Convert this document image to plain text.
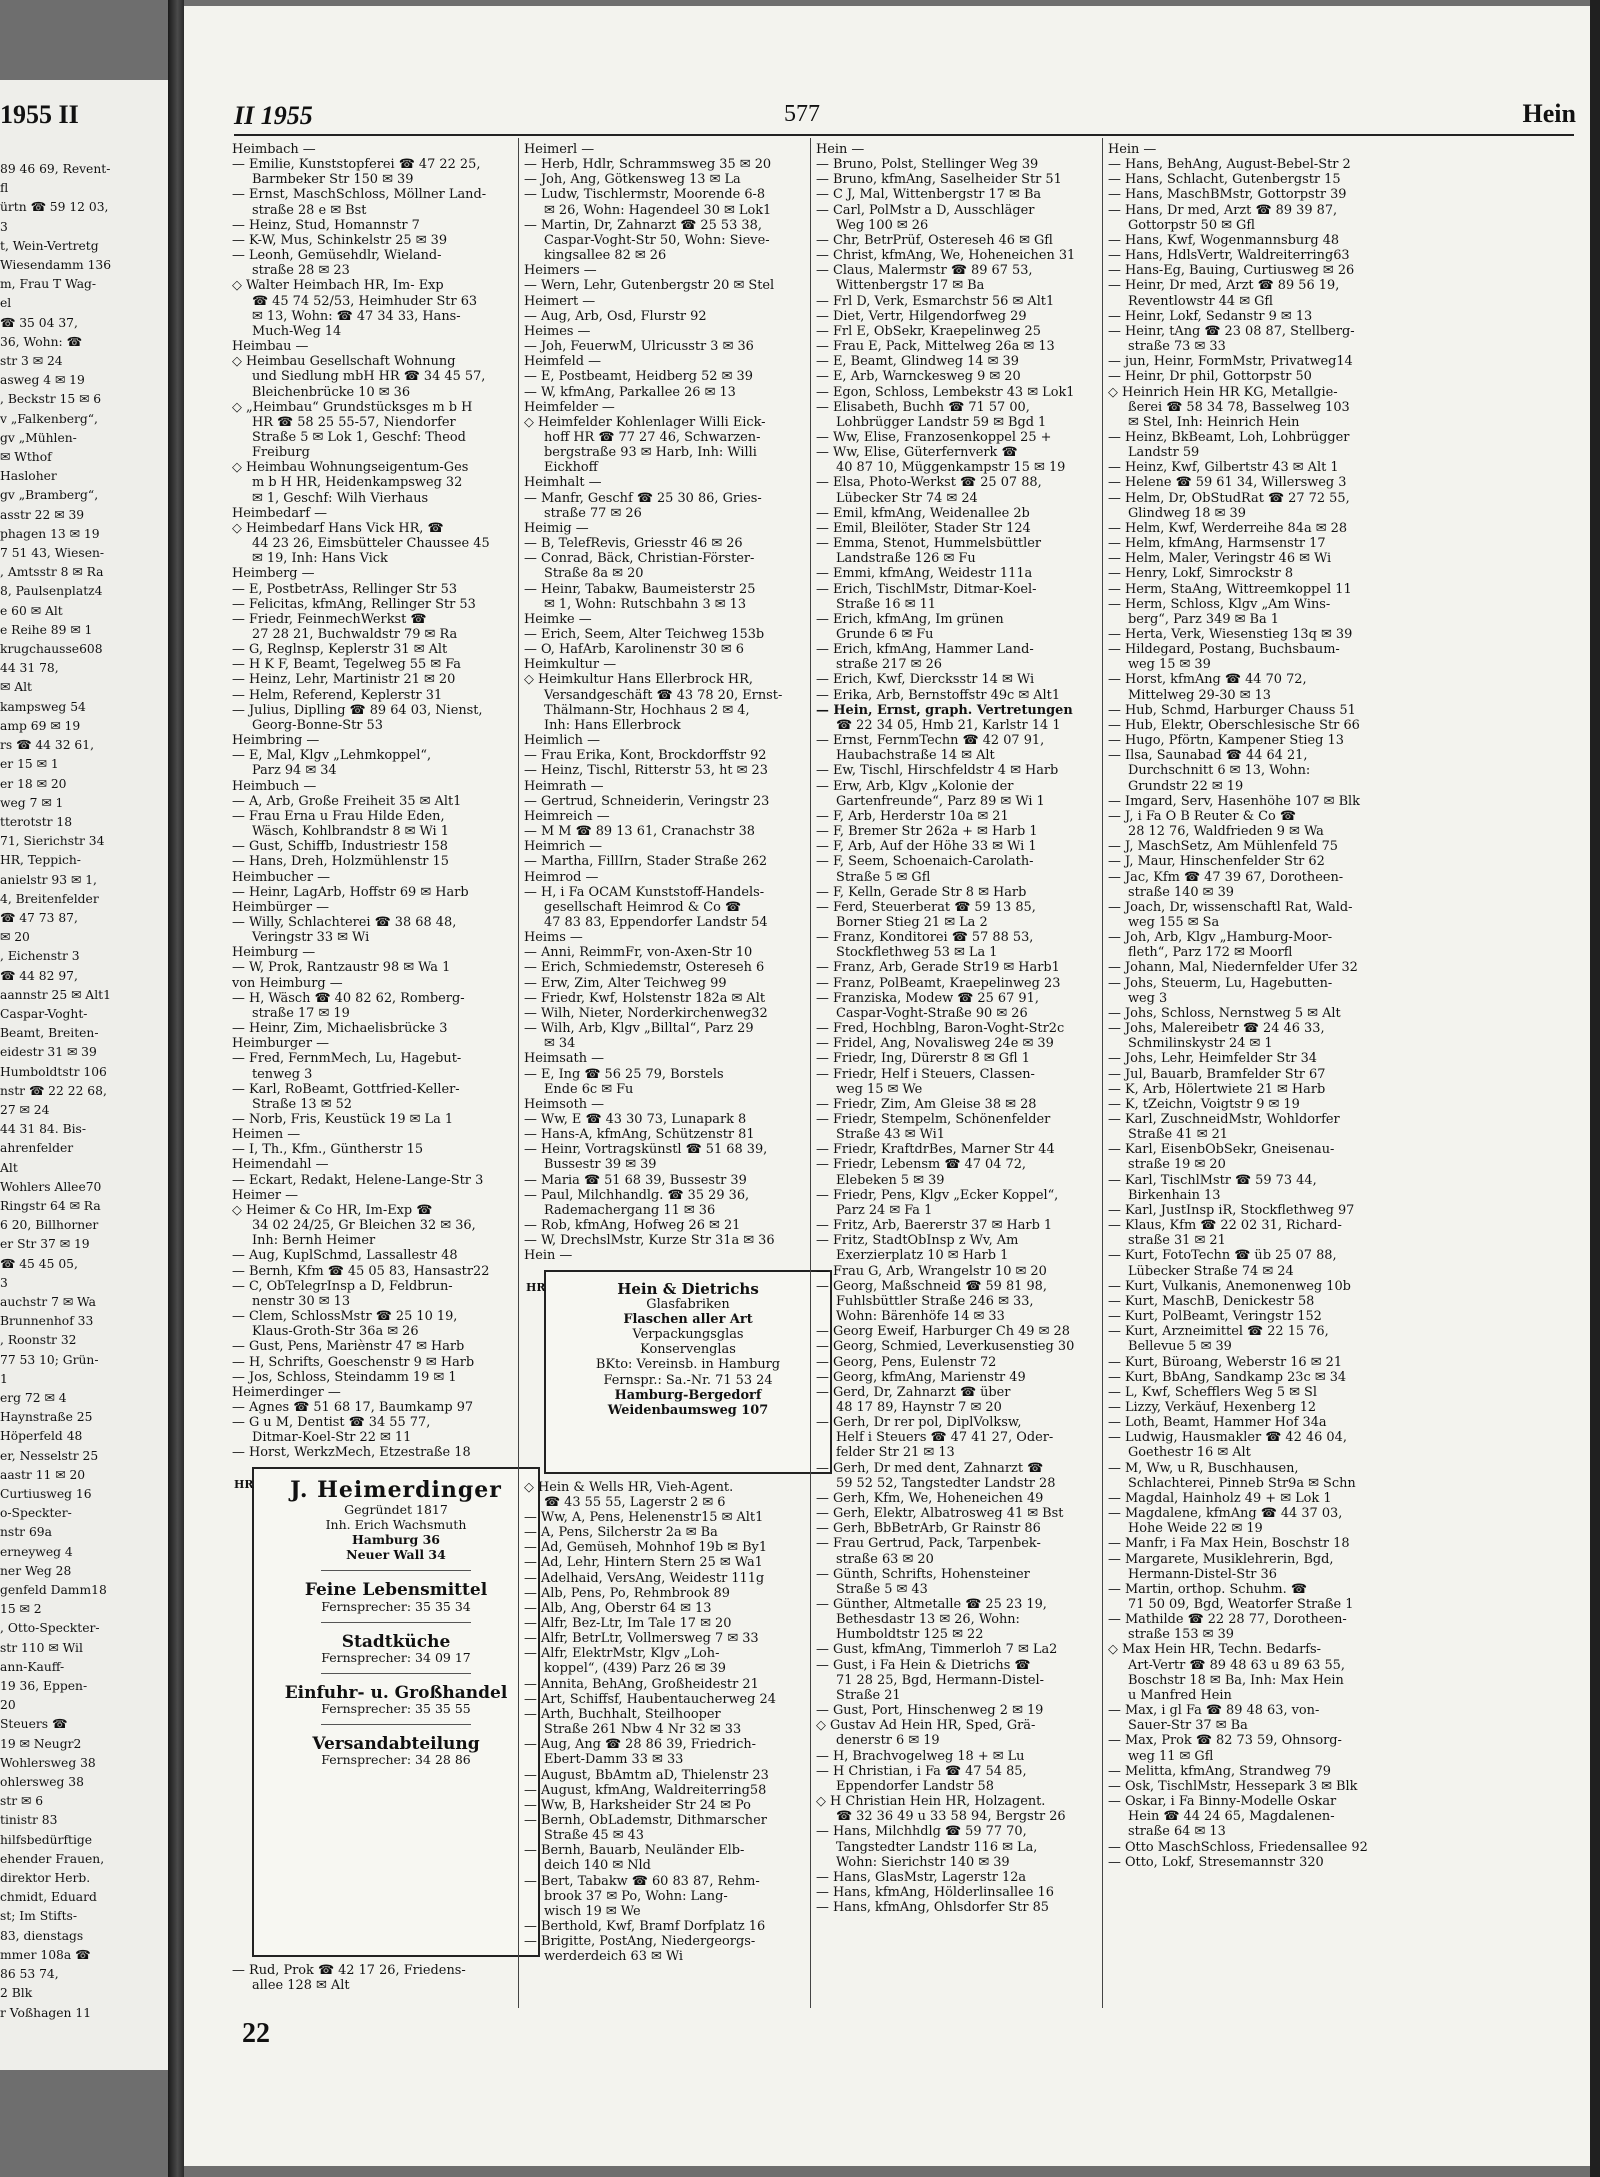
1955 II
89 46 69, Revent-
fl
ürtn ☎ 59 12 03,
3
t, Wein-Vertretg
Wiesendamm 136
m, Frau T Wag-
el
☎ 35 04 37,
36, Wohn: ☎
str 3 ✉ 24
asweg 4 ✉ 19
, Beckstr 15 ✉ 6
v „Falkenberg“,
gv „Mühlen-
✉ Wthof
Hasloher
gv „Bramberg“,
asstr 22 ✉ 39
phagen 13 ✉ 19
7 51 43, Wiesen-
, Amtsstr 8 ✉ Ra
8, Paulsenplatz4
e 60 ✉ Alt
e Reihe 89 ✉ 1
krugchausse608
44 31 78,
✉ Alt
kampsweg 54
amp 69 ✉ 19
rs ☎ 44 32 61,
er 15 ✉ 1
er 18 ✉ 20
weg 7 ✉ 1
tterotstr 18
71, Sierichstr 34
HR, Teppich-
anielstr 93 ✉ 1,
4, Breitenfelder
☎ 47 73 87,
✉ 20
, Eichenstr 3
☎ 44 82 97,
aannstr 25 ✉ Alt1
Caspar-Voght-
Beamt, Breiten-
eidestr 31 ✉ 39
Humboldtstr 106
nstr ☎ 22 22 68,
27 ✉ 24
44 31 84. Bis-
ahrenfelder
Alt
Wohlers Allee70
Ringstr 64 ✉ Ra
6 20, Billhorner
er Str 37 ✉ 19
☎ 45 45 05,
3
auchstr 7 ✉ Wa
Brunnenhof 33
, Roonstr 32
77 53 10; Grün-
1
erg 72 ✉ 4
Haynstraße 25
Höperfeld 48
er, Nesselstr 25
aastr 11 ✉ 20
Curtiusweg 16
o-Speckter-
nstr 69a
erneyweg 4
ner Weg 28
genfeld Damm18
15 ✉ 2
, Otto-Speckter-
str 110 ✉ Wil
ann-Kauff-
19 36, Eppen-
20
Steuers ☎
19 ✉ Neugr2
Wohlersweg 38
ohlersweg 38
str ✉ 6
tinistr 83
hilfsbedürftige
ehender Frauen,
direktor Herb.
chmidt, Eduard
st; Im Stifts-
83, dienstags
mmer 108a ☎
86 53 74,
2 Blk
r Voßhagen 11
II 1955	577	Hein
Heimbach —
— Emilie, Kunststopferei ☎ 47 22 25,
Barmbeker Str 150 ✉ 39
— Ernst, MaschSchloss, Möllner Land-
straße 28 e ✉ Bst
— Heinz, Stud, Homannstr 7
— K-W, Mus, Schinkelstr 25 ✉ 39
— Leonh, Gemüsehdlr, Wieland-
straße 28 ✉ 23
◇ Walter Heimbach HR, Im- Exp
☎ 45 74 52/53, Heimhuder Str 63
✉ 13, Wohn: ☎ 47 34 33, Hans-
Much-Weg 14
Heimbau —
◇ Heimbau Gesellschaft Wohnung
und Siedlung mbH HR ☎ 34 45 57,
Bleichenbrücke 10 ✉ 36
◇ „Heimbau“ Grundstücksges m b H
HR ☎ 58 25 55-57, Niendorfer
Straße 5 ✉ Lok 1, Geschf: Theod
Freiburg
◇ Heimbau Wohnungseigentum-Ges
m b H HR, Heidenkampsweg 32
✉ 1, Geschf: Wilh Vierhaus
Heimbedarf —
◇ Heimbedarf Hans Vick HR, ☎
44 23 26, Eimsbütteler Chaussee 45
✉ 19, Inh: Hans Vick
Heimberg —
— E, PostbetrAss, Rellinger Str 53
— Felicitas, kfmAng, Rellinger Str 53
— Friedr, FeinmechWerkst ☎
27 28 21, Buchwaldstr 79 ✉ Ra
— G, Reglnsp, Keplerstr 31 ✉ Alt
— H K F, Beamt, Tegelweg 55 ✉ Fa
— Heinz, Lehr, Martinistr 21 ✉ 20
— Helm, Referend, Keplerstr 31
— Julius, Diplling ☎ 89 64 03, Nienst,
Georg-Bonne-Str 53
Heimbring —
— E, Mal, Klgv „Lehmkoppel“,
Parz 94 ✉ 34
Heimbuch —
— A, Arb, Große Freiheit 35 ✉ Alt1
— Frau Erna u Frau Hilde Eden,
Wäsch, Kohlbrandstr 8 ✉ Wi 1
— Gust, Schiffb, Industriestr 158
— Hans, Dreh, Holzmühlenstr 15
Heimbucher —
— Heinr, LagArb, Hoffstr 69 ✉ Harb
Heimbürger —
— Willy, Schlachterei ☎ 38 68 48,
Veringstr 33 ✉ Wi
Heimburg —
— W, Prok, Rantzaustr 98 ✉ Wa 1
von Heimburg —
— H, Wäsch ☎ 40 82 62, Romberg-
straße 17 ✉ 19
— Heinr, Zim, Michaelisbrücke 3
Heimburger —
— Fred, FernmMech, Lu, Hagebut-
tenweg 3
— Karl, RoBeamt, Gottfried-Keller-
Straße 13 ✉ 52
— Norb, Fris, Keustück 19 ✉ La 1
Heimen —
— I, Th., Kfm., Güntherstr 15
Heimendahl —
— Eckart, Redakt, Helene-Lange-Str 3
Heimer —
◇ Heimer & Co HR, Im-Exp ☎
34 02 24/25, Gr Bleichen 32 ✉ 36,
Inh: Bernh Heimer
— Aug, KuplSchmd, Lassallestr 48
— Bernh, Kfm ☎ 45 05 83, Hansastr22
— C, ObTelegrInsp a D, Feldbrun-
nenstr 30 ✉ 13
— Clem, SchlossMstr ☎ 25 10 19,
Klaus-Groth-Str 36a ✉ 26
— Gust, Pens, Mariènstr 47 ✉ Harb
— H, Schrifts, Goeschenstr 9 ✉ Harb
— Jos, Schloss, Steindamm 19 ✉ 1
Heimerdinger —
— Agnes ☎ 51 68 17, Baumkamp 97
— G u M, Dentist ☎ 34 55 77,
Ditmar-Koel-Str 22 ✉ 11
— Horst, WerkzMech, Etzestraße 18
HR	J. Heimerdinger
Gegründet 1817
Inh. Erich Wachsmuth
Hamburg 36
Neuer Wall 34
Feine Lebensmittel
Fernsprecher: 35 35 34
Stadtküche
Fernsprecher: 34 09 17
Einfuhr- u. Großhandel
Fernsprecher: 35 35 55
Versandabteilung
Fernsprecher: 34 28 86
— Rud, Prok ☎ 42 17 26, Friedens-
allee 128 ✉ Alt
Heimerl —
— Herb, Hdlr, Schrammsweg 35 ✉ 20
— Joh, Ang, Götkensweg 13 ✉ La
— Ludw, Tischlermstr, Moorende 6-8
✉ 26, Wohn: Hagendeel 30 ✉ Lok1
— Martin, Dr, Zahnarzt ☎ 25 53 38,
Caspar-Voght-Str 50, Wohn: Sieve-
kingsallee 82 ✉ 26
Heimers —
— Wern, Lehr, Gutenbergstr 20 ✉ Stel
Heimert —
— Aug, Arb, Osd, Flurstr 92
Heimes —
— Joh, FeuerwM, Ulricusstr 3 ✉ 36
Heimfeld —
— E, Postbeamt, Heidberg 52 ✉ 39
— W, kfmAng, Parkallee 26 ✉ 13
Heimfelder —
◇ Heimfelder Kohlenlager Willi Eick-
hoff HR ☎ 77 27 46, Schwarzen-
bergstraße 93 ✉ Harb, Inh: Willi
Eickhoff
Heimhalt —
— Manfr, Geschf ☎ 25 30 86, Gries-
straße 77 ✉ 26
Heimig —
— B, TelefRevis, Griesstr 46 ✉ 26
— Conrad, Bäck, Christian-Förster-
Straße 8a ✉ 20
— Heinr, Tabakw, Baumeisterstr 25
✉ 1, Wohn: Rutschbahn 3 ✉ 13
Heimke —
— Erich, Seem, Alter Teichweg 153b
— O, HafArb, Karolinenstr 30 ✉ 6
Heimkultur —
◇ Heimkultur Hans Ellerbrock HR,
Versandgeschäft ☎ 43 78 20, Ernst-
Thälmann-Str, Hochhaus 2 ✉ 4,
Inh: Hans Ellerbrock
Heimlich —
— Frau Erika, Kont, Brockdorffstr 92
— Heinz, Tischl, Ritterstr 53, ht ✉ 23
Heimrath —
— Gertrud, Schneiderin, Veringstr 23
Heimreich —
— M M ☎ 89 13 61, Cranachstr 38
Heimrich —
— Martha, FillIrn, Stader Straße 262
Heimrod —
— H, i Fa OCAM Kunststoff-Handels-
gesellschaft Heimrod & Co ☎
47 83 83, Eppendorfer Landstr 54
Heims —
— Anni, ReimmFr, von-Axen-Str 10
— Erich, Schmiedemstr, Ostereseh 6
— Erw, Zim, Alter Teichweg 99
— Friedr, Kwf, Holstenstr 182a ✉ Alt
— Wilh, Nieter, Norderkirchenweg32
— Wilh, Arb, Klgv „Billtal“, Parz 29
✉ 34
Heimsath —
— E, Ing ☎ 56 25 79, Borstels
Ende 6c ✉ Fu
Heimsoth —
— Ww, E ☎ 43 30 73, Lunapark 8
— Hans-A, kfmAng, Schützenstr 81
— Heinr, Vortragskünstl ☎ 51 68 39,
Bussestr 39 ✉ 39
— Maria ☎ 51 68 39, Bussestr 39
— Paul, Milchhandlg. ☎ 35 29 36,
Rademachergang 11 ✉ 36
— Rob, kfmAng, Hofweg 26 ✉ 21
— W, DrechslMstr, Kurze Str 31a ✉ 36
Hein —
HR	Hein & Dietrichs
Glasfabriken
Flaschen aller Art
Verpackungsglas
Konservenglas
BKto: Vereinsb. in Hamburg
Fernspr.: Sa.-Nr. 71 53 24
Hamburg-Bergedorf
Weidenbaumsweg 107
◇ Hein & Wells HR, Vieh-Agent.
☎ 43 55 55, Lagerstr 2 ✉ 6
— Ww, A, Pens, Helenenstr15 ✉ Alt1
— A, Pens, Silcherstr 2a ✉ Ba
— Ad, Gemüseh, Mohnhof 19b ✉ By1
— Ad, Lehr, Hintern Stern 25 ✉ Wa1
— Adelhaid, VersAng, Weidestr 111g
— Alb, Pens, Po, Rehmbrook 89
— Alb, Ang, Oberstr 64 ✉ 13
— Alfr, Bez-Ltr, Im Tale 17 ✉ 20
— Alfr, BetrLtr, Vollmersweg 7 ✉ 33
— Alfr, ElektrMstr, Klgv „Loh-
koppel“, (439) Parz 26 ✉ 39
— Annita, BehAng, Großheidestr 21
— Art, Schiffsf, Haubentaucherweg 24
— Arth, Buchhalt, Steilhooper
Straße 261 Nbw 4 Nr 32 ✉ 33
— Aug, Ang ☎ 28 86 39, Friedrich-
Ebert-Damm 33 ✉ 33
— August, BbAmtm aD, Thielenstr 23
— August, kfmAng, Waldreiterring58
— Ww, B, Harksheider Str 24 ✉ Po
— Bernh, ObLademstr, Dithmarscher
Straße 45 ✉ 43
— Bernh, Bauarb, Neuländer Elb-
deich 140 ✉ Nld
— Bert, Tabakw ☎ 60 83 87, Rehm-
brook 37 ✉ Po, Wohn: Lang-
wisch 19 ✉ We
— Berthold, Kwf, Bramf Dorfplatz 16
— Brigitte, PostAng, Niedergeorgs-
werderdeich 63 ✉ Wi
Hein —
— Bruno, Polst, Stellinger Weg 39
— Bruno, kfmAng, Saselheider Str 51
— C J, Mal, Wittenbergstr 17 ✉ Ba
— Carl, PolMstr a D, Ausschläger
Weg 100 ✉ 26
— Chr, BetrPrüf, Ostereseh 46 ✉ Gfl
— Christ, kfmAng, We, Hoheneichen 31
— Claus, Malermstr ☎ 89 67 53,
Wittenbergstr 17 ✉ Ba
— Frl D, Verk, Esmarchstr 56 ✉ Alt1
— Diet, Vertr, Hilgendorfweg 29
— Frl E, ObSekr, Kraepelinweg 25
— Frau E, Pack, Mittelweg 26a ✉ 13
— E, Beamt, Glindweg 14 ✉ 39
— E, Arb, Warnckesweg 9 ✉ 20
— Egon, Schloss, Lembekstr 43 ✉ Lok1
— Elisabeth, Buchh ☎ 71 57 00,
Lohbrügger Landstr 59 ✉ Bgd 1
— Ww, Elise, Franzosenkoppel 25 +
— Ww, Elise, Güterfernverk ☎
40 87 10, Müggenkampstr 15 ✉ 19
— Elsa, Photo-Werkst ☎ 25 07 88,
Lübecker Str 74 ✉ 24
— Emil, kfmAng, Weidenallee 2b
— Emil, Bleilöter, Stader Str 124
— Emma, Stenot, Hummelsbüttler
Landstraße 126 ✉ Fu
— Emmi, kfmAng, Weidestr 111a
— Erich, TischlMstr, Ditmar-Koel-
Straße 16 ✉ 11
— Erich, kfmAng, Im grünen
Grunde 6 ✉ Fu
— Erich, kfmAng, Hammer Land-
straße 217 ✉ 26
— Erich, Kwf, Diercksstr 14 ✉ Wi
— Erika, Arb, Bernstoffstr 49c ✉ Alt1
— Hein, Ernst, graph. Vertretungen
☎ 22 34 05, Hmb 21, Karlstr 14 1
— Ernst, FernmTechn ☎ 42 07 91,
Haubachstraße 14 ✉ Alt
— Ew, Tischl, Hirschfeldstr 4 ✉ Harb
— Erw, Arb, Klgv „Kolonie der
Gartenfreunde“, Parz 89 ✉ Wi 1
— F, Arb, Herderstr 10a ✉ 21
— F, Bremer Str 262a + ✉ Harb 1
— F, Arb, Auf der Höhe 33 ✉ Wi 1
— F, Seem, Schoenaich-Carolath-
Straße 5 ✉ Gfl
— F, Kelln, Gerade Str 8 ✉ Harb
— Ferd, Steuerberat ☎ 59 13 85,
Borner Stieg 21 ✉ La 2
— Franz, Konditorei ☎ 57 88 53,
Stockflethweg 53 ✉ La 1
— Franz, Arb, Gerade Str19 ✉ Harb1
— Franz, PolBeamt, Kraepelinweg 23
— Franziska, Modew ☎ 25 67 91,
Caspar-Voght-Straße 90 ✉ 26
— Fred, Hochblng, Baron-Voght-Str2c
— Fridel, Ang, Novalisweg 24e ✉ 39
— Friedr, Ing, Dürerstr 8 ✉ Gfl 1
— Friedr, Helf i Steuers, Classen-
weg 15 ✉ We
— Friedr, Zim, Am Gleise 38 ✉ 28
— Friedr, Stempelm, Schönenfelder
Straße 43 ✉ Wi1
— Friedr, KraftdrBes, Marner Str 44
— Friedr, Lebensm ☎ 47 04 72,
Elebeken 5 ✉ 39
— Friedr, Pens, Klgv „Ecker Koppel“,
Parz 24 ✉ Fa 1
— Fritz, Arb, Baererstr 37 ✉ Harb 1
— Fritz, StadtObInsp z Wv, Am
Exerzierplatz 10 ✉ Harb 1
— Frau G, Arb, Wrangelstr 10 ✉ 20
— Georg, Maßschneid ☎ 59 81 98,
Fuhlsbüttler Straße 246 ✉ 33,
Wohn: Bärenhöfe 14 ✉ 33
— Georg Eweif, Harburger Ch 49 ✉ 28
— Georg, Schmied, Leverkusenstieg 30
— Georg, Pens, Eulenstr 72
— Georg, kfmAng, Marienstr 49
— Gerd, Dr, Zahnarzt ☎ über
48 17 89, Haynstr 7 ✉ 20
— Gerh, Dr rer pol, DiplVolksw,
Helf i Steuers ☎ 47 41 27, Oder-
felder Str 21 ✉ 13
— Gerh, Dr med dent, Zahnarzt ☎
59 52 52, Tangstedter Landstr 28
— Gerh, Kfm, We, Hoheneichen 49
— Gerh, Elektr, Albatrosweg 41 ✉ Bst
— Gerh, BbBetrArb, Gr Rainstr 86
— Frau Gertrud, Pack, Tarpenbek-
straße 63 ✉ 20
— Günth, Schrifts, Hohensteiner
Straße 5 ✉ 43
— Günther, Altmetalle ☎ 25 23 19,
Bethesdastr 13 ✉ 26, Wohn:
Humboldtstr 125 ✉ 22
— Gust, kfmAng, Timmerloh 7 ✉ La2
— Gust, i Fa Hein & Dietrichs ☎
71 28 25, Bgd, Hermann-Distel-
Straße 21
— Gust, Port, Hinschenweg 2 ✉ 19
◇ Gustav Ad Hein HR, Sped, Grä-
denerstr 6 ✉ 19
— H, Brachvogelweg 18 + ✉ Lu
— H Christian, i Fa ☎ 47 54 85,
Eppendorfer Landstr 58
◇ H Christian Hein HR, Holzagent.
☎ 32 36 49 u 33 58 94, Bergstr 26
— Hans, Milchhdlg ☎ 59 77 70,
Tangstedter Landstr 116 ✉ La,
Wohn: Sierichstr 140 ✉ 39
— Hans, GlasMstr, Lagerstr 12a
— Hans, kfmAng, Hölderlinsallee 16
— Hans, kfmAng, Ohlsdorfer Str 85
Hein —
— Hans, BehAng, August-Bebel-Str 2
— Hans, Schlacht, Gutenbergstr 15
— Hans, MaschBMstr, Gottorpstr 39
— Hans, Dr med, Arzt ☎ 89 39 87,
Gottorpstr 50 ✉ Gfl
— Hans, Kwf, Wogenmannsburg 48
— Hans, HdlsVertr, Waldreiterring63
— Hans-Eg, Bauing, Curtiusweg ✉ 26
— Heinr, Dr med, Arzt ☎ 89 56 19,
Reventlowstr 44 ✉ Gfl
— Heinr, Lokf, Sedanstr 9 ✉ 13
— Heinr, tAng ☎ 23 08 87, Stellberg-
straße 73 ✉ 33
— jun, Heinr, FormMstr, Privatweg14
— Heinr, Dr phil, Gottorpstr 50
◇ Heinrich Hein HR KG, Metallgie-
ßerei ☎ 58 34 78, Basselweg 103
✉ Stel, Inh: Heinrich Hein
— Heinz, BkBeamt, Loh, Lohbrügger
Landstr 59
— Heinz, Kwf, Gilbertstr 43 ✉ Alt 1
— Helene ☎ 59 61 34, Willersweg 3
— Helm, Dr, ObStudRat ☎ 27 72 55,
Glindweg 18 ✉ 39
— Helm, Kwf, Werderreihe 84a ✉ 28
— Helm, kfmAng, Harmsenstr 17
— Helm, Maler, Veringstr 46 ✉ Wi
— Henry, Lokf, Simrockstr 8
— Herm, StaAng, Wittreemkoppel 11
— Herm, Schloss, Klgv „Am Wins-
berg“, Parz 349 ✉ Ba 1
— Herta, Verk, Wiesenstieg 13q ✉ 39
— Hildegard, Postang, Buchsbaum-
weg 15 ✉ 39
— Horst, kfmAng ☎ 44 70 72,
Mittelweg 29-30 ✉ 13
— Hub, Schmd, Harburger Chauss 51
— Hub, Elektr, Oberschlesische Str 66
— Hugo, Pförtn, Kampener Stieg 13
— Ilsa, Saunabad ☎ 44 64 21,
Durchschnitt 6 ✉ 13, Wohn:
Grundstr 22 ✉ 19
— Imgard, Serv, Hasenhöhe 107 ✉ Blk
— J, i Fa O B Reuter & Co ☎
28 12 76, Waldfrieden 9 ✉ Wa
— J, MaschSetz, Am Mühlenfeld 75
— J, Maur, Hinschenfelder Str 62
— Jac, Kfm ☎ 47 39 67, Dorotheen-
straße 140 ✉ 39
— Joach, Dr, wissenschaftl Rat, Wald-
weg 155 ✉ Sa
— Joh, Arb, Klgv „Hamburg-Moor-
fleth“, Parz 172 ✉ Moorfl
— Johann, Mal, Niedernfelder Ufer 32
— Johs, Steuerm, Lu, Hagebutten-
weg 3
— Johs, Schloss, Nernstweg 5 ✉ Alt
— Johs, Malereibetr ☎ 24 46 33,
Schmilinskystr 24 ✉ 1
— Johs, Lehr, Heimfelder Str 34
— Jul, Bauarb, Bramfelder Str 67
— K, Arb, Hölertwiete 21 ✉ Harb
— K, tZeichn, Voigtstr 9 ✉ 19
— Karl, ZuschneidMstr, Wohldorfer
Straße 41 ✉ 21
— Karl, EisenbObSekr, Gneisenau-
straße 19 ✉ 20
— Karl, TischlMstr ☎ 59 73 44,
Birkenhain 13
— Karl, JustInsp iR, Stockflethweg 97
— Klaus, Kfm ☎ 22 02 31, Richard-
straße 31 ✉ 21
— Kurt, FotoTechn ☎ üb 25 07 88,
Lübecker Straße 74 ✉ 24
— Kurt, Vulkanis, Anemonenweg 10b
— Kurt, MaschB, Denickestr 58
— Kurt, PolBeamt, Veringstr 152
— Kurt, Arzneimittel ☎ 22 15 76,
Bellevue 5 ✉ 39
— Kurt, Büroang, Weberstr 16 ✉ 21
— Kurt, BbAng, Sandkamp 23c ✉ 34
— L, Kwf, Schefflers Weg 5 ✉ Sl
— Lizzy, Verkäuf, Hexenberg 12
— Loth, Beamt, Hammer Hof 34a
— Ludwig, Hausmakler ☎ 42 46 04,
Goethestr 16 ✉ Alt
— M, Ww, u R, Buschhausen,
Schlachterei, Pinneb Str9a ✉ Schn
— Magdal, Hainholz 49 + ✉ Lok 1
— Magdalene, kfmAng ☎ 44 37 03,
Hohe Weide 22 ✉ 19
— Manfr, i Fa Max Hein, Boschstr 18
— Margarete, Musiklehrerin, Bgd,
Hermann-Distel-Str 36
— Martin, orthop. Schuhm. ☎
71 50 09, Bgd, Weatorfer Straße 1
— Mathilde ☎ 22 28 77, Dorotheen-
straße 153 ✉ 39
◇ Max Hein HR, Techn. Bedarfs-
Art-Vertr ☎ 89 48 63 u 89 63 55,
Boschstr 18 ✉ Ba, Inh: Max Hein
u Manfred Hein
— Max, i gl Fa ☎ 89 48 63, von-
Sauer-Str 37 ✉ Ba
— Max, Prok ☎ 82 73 59, Ohnsorg-
weg 11 ✉ Gfl
— Melitta, kfmAng, Strandweg 79
— Osk, TischlMstr, Hessepark 3 ✉ Blk
— Oskar, i Fa Binny-Modelle Oskar
Hein ☎ 44 24 65, Magdalenen-
straße 64 ✉ 13
— Otto MaschSchloss, Friedensallee 92
— Otto, Lokf, Stresemannstr 320
22
